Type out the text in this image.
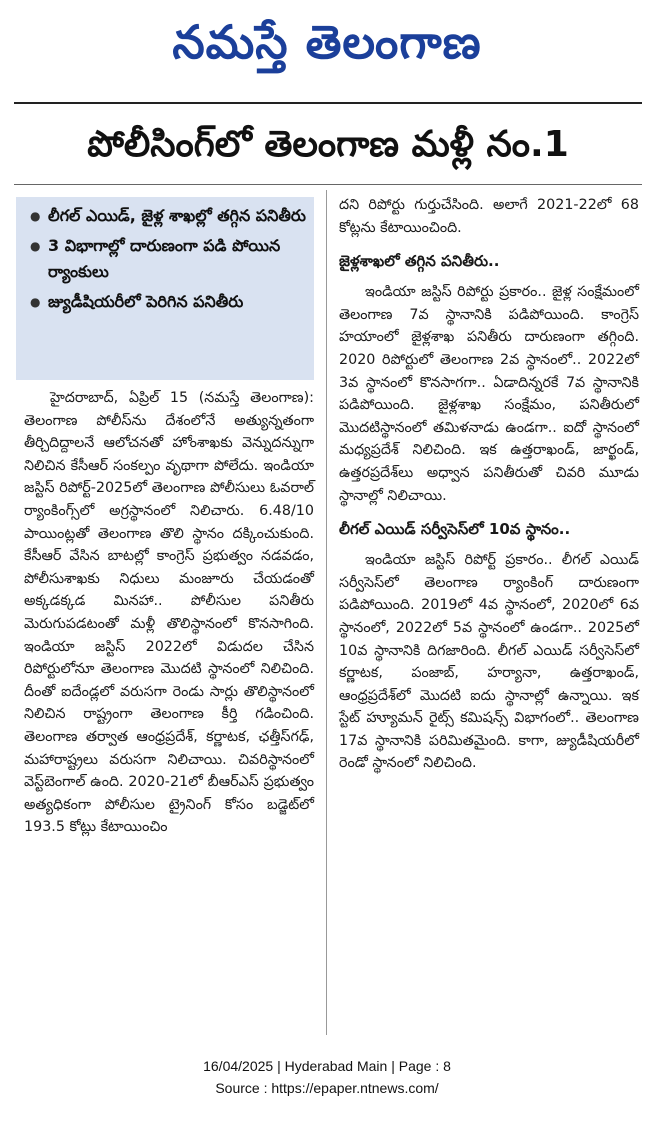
నమస్తే తెలంగాణ
పోలీసింగ్‌లో తెలంగాణ మళ్లీ నం.1
● లీగల్ ఎయిడ్, జైళ్ల శాఖల్లో తగ్గిన పనితీరు
● 3 విభాగాల్లో దారుణంగా పడి పోయిన ర్యాంకులు
● జ్యుడీషియరీలో పెరిగిన పనితీరు

హైదరాబాద్, ఏప్రిల్ 15 (నమస్తే తెలంగాణ): తెలంగాణ పోలీస్‌ను దేశంలోనే అత్యున్నతంగా తీర్చిదిద్దాలనే ఆలోచనతో హోంశాఖకు వెన్నుదన్నుగా నిలిచిన కేసీఆర్ సంకల్పం వృథాగా పోలేదు. ఇండియా జస్టిస్ రిపోర్ట్-2025లో తెలంగాణ పోలీసులు ఓవరాల్ ర్యాంకింగ్స్‌లో అగ్రస్థానంలో నిలిచారు. 6.48/10 పాయింట్లతో తెలంగాణ తొలి స్థానం దక్కించుకుంది. కేసీఆర్ వేసిన బాటల్లో కాంగ్రెస్ ప్రభుత్వం నడవడం, పోలీసుశాఖకు నిధులు మంజూరు చేయడంతో అక్కడక్కడ మినహా.. పోలీసుల పనితీరు మెరుగుపడటంతో మళ్లీ తొలిస్థానంలో కొనసాగింది. ఇండియా జస్టిస్ 2022లో విడుదల చేసిన రిపోర్టులోనూ తెలంగాణ మొదటి స్థానంలో నిలిచింది. దీంతో ఐదేండ్లలో వరుసగా రెండు సార్లు తొలిస్థానంలో నిలిచిన రాష్ట్రంగా తెలంగాణ కీర్తి గడించింది. తెలంగాణ తర్వాత ఆంధ్రప్రదేశ్, కర్ణాటక, ఛత్తీస్‌గఢ్, మహారాష్ట్రలు వరుసగా నిలిచాయి. చివరిస్థానంలో వెస్ట్‌బెంగాల్ ఉంది. 2020-21లో బీఆర్‌ఎస్ ప్రభుత్వం అత్యధికంగా పోలీసుల ట్రైనింగ్ కోసం బడ్జెట్‌లో 193.5 కోట్లు కేటాయించిం

దని రిపోర్టు గుర్తుచేసింది. అలాగే 2021-22లో 68 కోట్లను కేటాయించింది.

జైళ్లశాఖలో తగ్గిన పనితీరు..

ఇండియా జస్టిస్ రిపోర్టు ప్రకారం.. జైళ్ల సంక్షేమంలో తెలంగాణ 7వ స్థానానికి పడిపోయింది. కాంగ్రెస్ హయాంలో జైళ్లశాఖ పనితీరు దారుణంగా తగ్గింది. 2020 రిపోర్టులో తెలంగాణ 2వ స్థానంలో.. 2022లో 3వ స్థానంలో కొనసాగగా.. ఏడాదిన్నరకే 7వ స్థానానికి పడిపోయింది. జైళ్లశాఖ సంక్షేమం, పనితీరులో మొదటిస్థానంలో తమిళనాడు ఉండగా.. ఐదో స్థానంలో మధ్యప్రదేశ్ నిలిచింది. ఇక ఉత్తరాఖండ్, జార్ఖండ్, ఉత్తరప్రదేశ్‌లు అధ్వాన పనితీరుతో చివరి మూడు స్థానాల్లో నిలిచాయి.

లీగల్ ఎయిడ్ సర్వీసెస్‌లో 10వ స్థానం..

ఇండియా జస్టిస్ రిపోర్ట్ ప్రకారం.. లీగల్ ఎయిడ్ సర్వీసెస్‌లో తెలంగాణ ర్యాంకింగ్ దారుణంగా పడిపోయింది. 2019లో 4వ స్థానంలో, 2020లో 6వ స్థానంలో, 2022లో 5వ స్థానంలో ఉండగా.. 2025లో 10వ స్థానానికి దిగజారింది. లీగల్ ఎయిడ్ సర్వీసెస్‌లో కర్ణాటక, పంజాబ్, హర్యానా, ఉత్తరాఖండ్, ఆంధ్రప్రదేశ్‌లో మొదటి ఐదు స్థానాల్లో ఉన్నాయి. ఇక స్టేట్ హ్యూమన్ రైట్స్ కమిషన్స్ విభాగంలో.. తెలంగాణ 17వ స్థానానికి పరిమితమైంది. కాగా, జ్యుడీషియరీలో రెండో స్థానంలో నిలిచింది.

16/04/2025 | Hyderabad Main | Page : 8
Source : https://epaper.ntnews.com/
